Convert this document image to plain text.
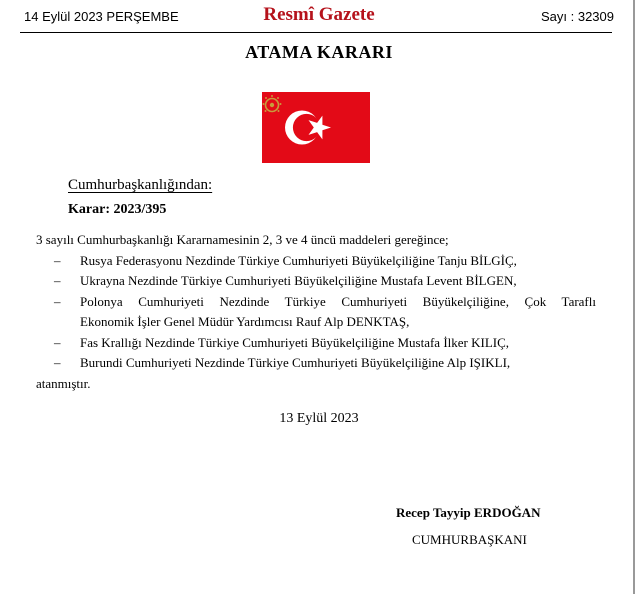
14 Eylül 2023 PERŞEMBE	Resmî Gazete	Sayı : 32309
ATAMA KARARI
Cumhurbaşkanlığından:
Karar: 2023/395
3 sayılı Cumhurbaşkanlığı Kararnamesinin 2, 3 ve 4 üncü maddeleri gereğince;
–	Rusya Federasyonu Nezdinde Türkiye Cumhuriyeti Büyükelçiliğine Tanju BİLGİÇ,
–	Ukrayna Nezdinde Türkiye Cumhuriyeti Büyükelçiliğine Mustafa Levent BİLGEN,
–	Polonya Cumhuriyeti Nezdinde Türkiye Cumhuriyeti Büyükelçiliğine, Çok Taraflı
Ekonomik İşler Genel Müdür Yardımcısı Rauf Alp DENKTAŞ,
–	Fas Krallığı Nezdinde Türkiye Cumhuriyeti Büyükelçiliğine Mustafa İlker KILIÇ,
–	Burundi Cumhuriyeti Nezdinde Türkiye Cumhuriyeti Büyükelçiliğine Alp IŞIKLI,
atanmıştır.
13 Eylül 2023
Recep Tayyip ERDOĞAN
CUMHURBAŞKANI
